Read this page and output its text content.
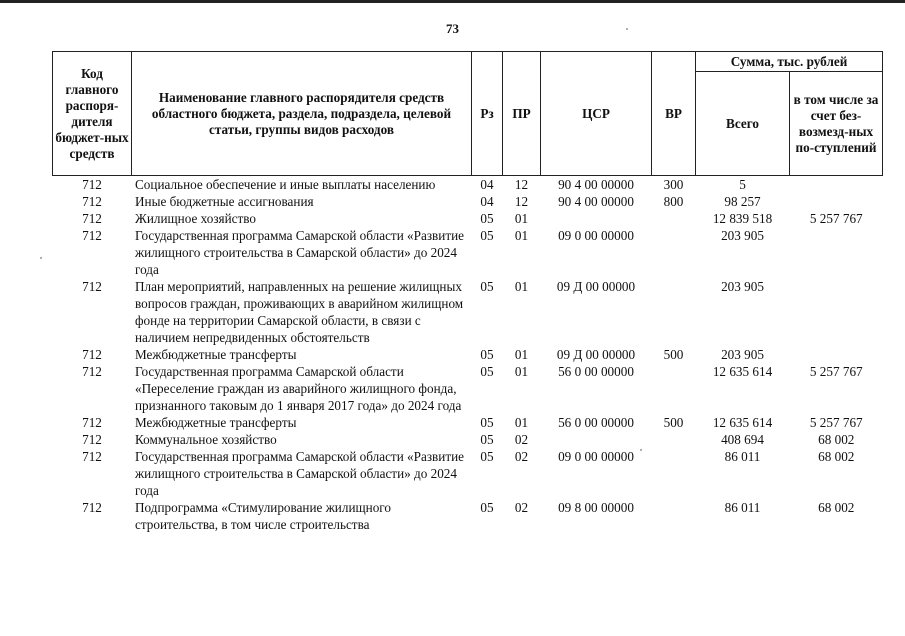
73
Код главного распоря-дителя бюджет-ных средств	Наименование главного распорядителя средств областного бюджета, раздела, подраздела, целевой статьи, группы видов расходов	Рз	ПР	ЦСР	ВР	Сумма, тыс. рублей	
						Всего	в том числе за счет без-возмезд-ных по-ступлений
712	Социальное обеспечение и иные выплаты населению	04	12	90 4 00 00000	300	5	
712	Иные бюджетные ассигнования	04	12	90 4 00 00000	800	98 257	
712	Жилищное хозяйство	05	01			12 839 518	5 257 767
712	Государственная программа Самарской области «Развитие жилищного строительства в Самарской области» до 2024 года	05	01	09 0 00 00000		203 905	
712	План мероприятий, направленных на решение жилищных вопросов граждан, проживающих в аварийном жилищном фонде на территории Самарской области, в связи с наличием непредвиденных обстоятельств	05	01	09 Д 00 00000		203 905	
712	Межбюджетные трансферты	05	01	09 Д 00 00000	500	203 905	
712	Государственная программа Самарской области «Переселение граждан из аварийного жилищного фонда, признанного таковым до 1 января 2017 года» до 2024 года	05	01	56 0 00 00000		12 635 614	5 257 767
712	Межбюджетные трансферты	05	01	56 0 00 00000	500	12 635 614	5 257 767
712	Коммунальное хозяйство	05	02			408 694	68 002
712	Государственная программа Самарской области «Развитие жилищного строительства в Самарской области» до 2024 года	05	02	09 0 00 00000		86 011	68 002
712	Подпрограмма «Стимулирование жилищного строительства, в том числе строительства	05	02	09 8 00 00000		86 011	68 002
